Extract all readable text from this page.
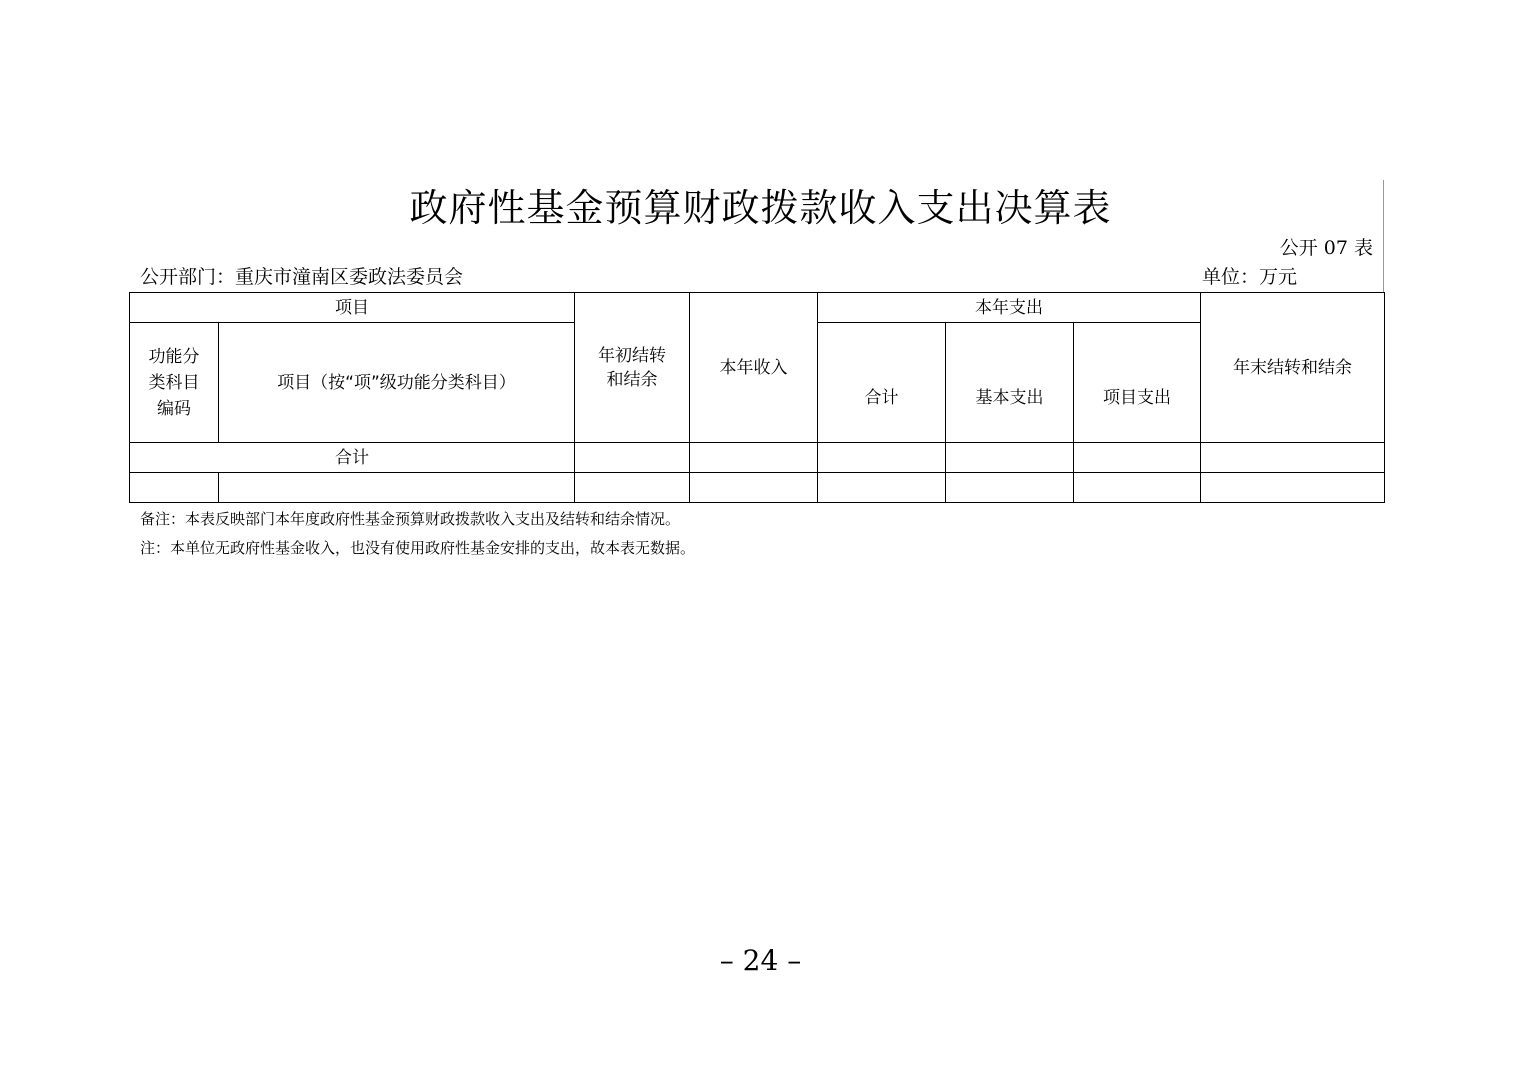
政府性基金预算财政拨款收入支出决算表
公开 07 表
公开部门：重庆市潼南区委政法委员会	单位：万元
项目		年初结转和结余	本年收入	本年支出			年末结转和结余

功能分类科目编码	项目（按“项”级功能分类科目）			合计	基本支出	项目支出	

合计							

备注：本表反映部门本年度政府性基金预算财政拨款收入支出及结转和结余情况。
注：本单位无政府性基金收入，也没有使用政府性基金安排的支出，故本表无数据。
– 24 –
